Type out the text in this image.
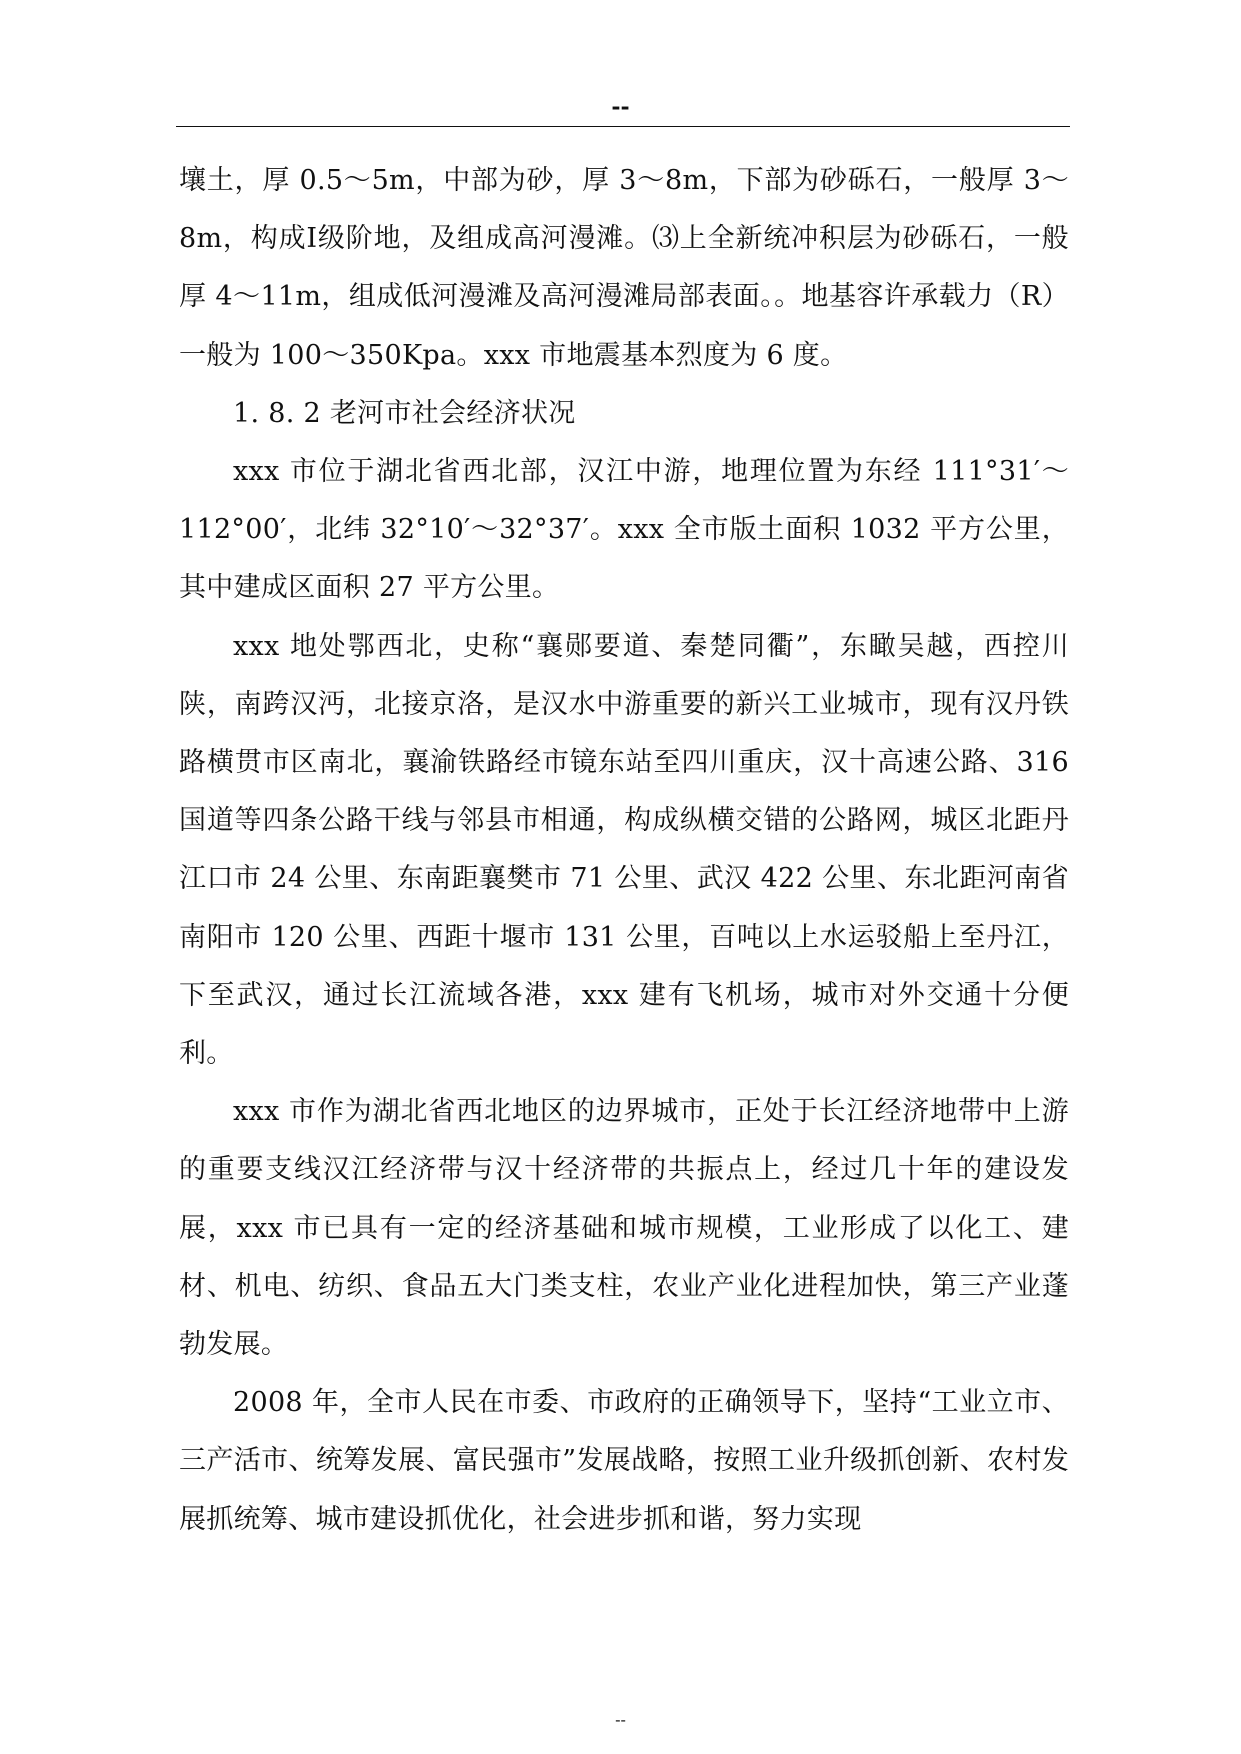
--

壤土，厚 0.5～5m，中部为砂，厚 3～8m，下部为砂砾石，一般厚 3～8m，构成Ⅰ级阶地，及组成高河漫滩。⑶上全新统冲积层为砂砾石，一般厚 4～11m，组成低河漫滩及高河漫滩局部表面。。地基容许承载力（R）一般为 100～350Kpa。xxx 市地震基本烈度为 6 度。

1. 8. 2 老河市社会经济状况

xxx 市位于湖北省西北部，汉江中游，地理位置为东经 111°31′～112°00′，北纬 32°10′～32°37′。xxx 全市版土面积 1032 平方公里，其中建成区面积 27 平方公里。

xxx 地处鄂西北，史称“襄郧要道、秦楚同衢”，东瞰吴越，西控川陕，南跨汉沔，北接京洛，是汉水中游重要的新兴工业城市，现有汉丹铁路横贯市区南北，襄渝铁路经市镜东站至四川重庆，汉十高速公路、316 国道等四条公路干线与邻县市相通，构成纵横交错的公路网，城区北距丹江口市 24 公里、东南距襄樊市 71 公里、武汉 422 公里、东北距河南省南阳市 120 公里、西距十堰市 131 公里，百吨以上水运驳船上至丹江，下至武汉，通过长江流域各港，xxx 建有飞机场，城市对外交通十分便利。

xxx 市作为湖北省西北地区的边界城市，正处于长江经济地带中上游的重要支线汉江经济带与汉十经济带的共振点上，经过几十年的建设发展，xxx 市已具有一定的经济基础和城市规模，工业形成了以化工、建材、机电、纺织、食品五大门类支柱，农业产业化进程加快，第三产业蓬勃发展。

2008 年，全市人民在市委、市政府的正确领导下，坚持“工业立市、三产活市、统筹发展、富民强市”发展战略，按照工业升级抓创新、农村发展抓统筹、城市建设抓优化，社会进步抓和谐，努力实现

--
